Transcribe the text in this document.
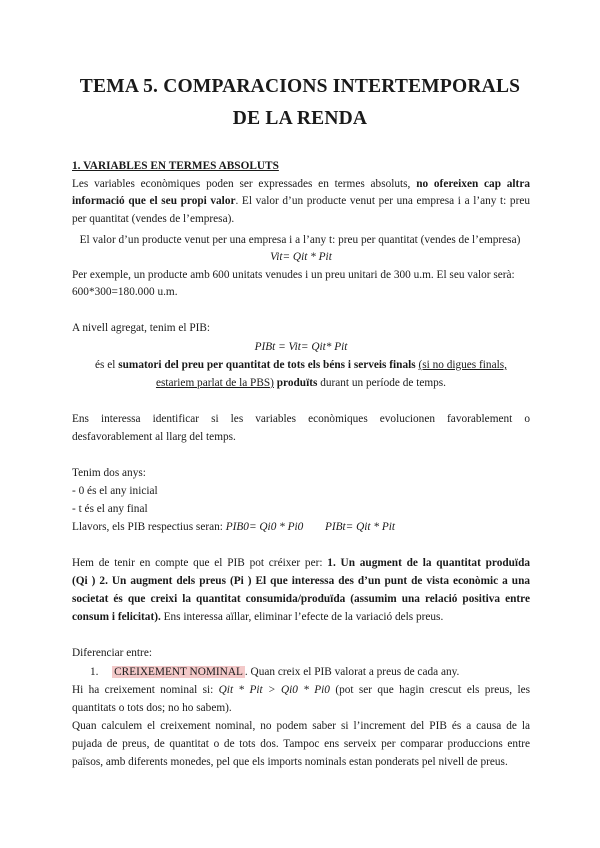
TEMA 5. COMPARACIONS INTERTEMPORALS
DE LA RENDA
1. VARIABLES EN TERMES ABSOLUTS
Les variables econòmiques poden ser expressades en termes absoluts, no ofereixen cap altra
informació que el seu propi valor. El valor d’un producte venut per una empresa i a l’any t: preu
per quantitat (vendes de l’empresa).
El valor d’un producte venut per una empresa i a l’any t: preu per quantitat (vendes de l’empresa)
Vit= Qit * Pit
Per exemple, un producte amb 600 unitats venudes i un preu unitari de 300 u.m. El seu valor serà:
600*300=180.000 u.m.
A nivell agregat, tenim el PIB:
PIBt = Vit= Qit* Pit
és el sumatori del preu per quantitat de tots els béns i serveis finals (si no digues finals,
estariem parlat de la PBS) produïts durant un període de temps.
Ens interessa identificar si les variables econòmiques evolucionen favorablement o
desfavorablement al llarg del temps.
Tenim dos anys:
- 0 és el any inicial
- t és el any final
Llavors, els PIB respectius seran: PIB0= Qi0 * Pi0 PIBt= Qit * Pit
Hem de tenir en compte que el PIB pot créixer per: 1. Un augment de la quantitat produïda
(Qi ) 2. Un augment dels preus (Pi ) El que interessa des d’un punt de vista econòmic a una
societat és que creixi la quantitat consumida/produïda (assumim una relació positiva entre
consum i felicitat). Ens interessa aïllar, eliminar l’efecte de la variació dels preus.
Diferenciar entre:
1. CREIXEMENT NOMINAL . Quan creix el PIB valorat a preus de cada any.
Hi ha creixement nominal si: Qit * Pit > Qi0 * Pi0 (pot ser que hagin crescut els preus, les
quantitats o tots dos; no ho sabem).
Quan calculem el creixement nominal, no podem saber si l’increment del PIB és a causa de la
pujada de preus, de quantitat o de tots dos. Tampoc ens serveix per comparar produccions entre
països, amb diferents monedes, pel que els imports nominals estan ponderats pel nivell de preus.
